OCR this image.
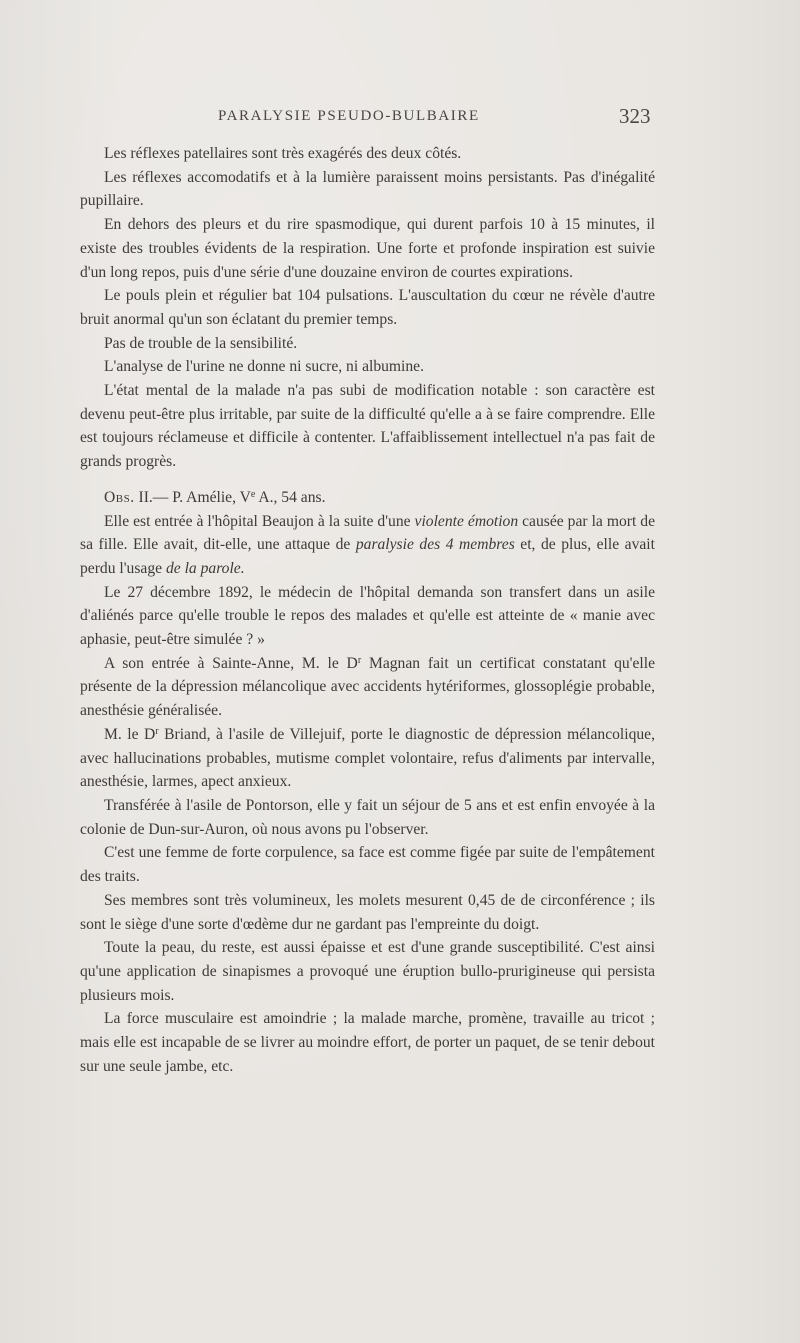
PARALYSIE PSEUDO-BULBAIRE	323

Les réflexes patellaires sont très exagérés des deux côtés.

Les réflexes accomodatifs et à la lumière paraissent moins persistants. Pas d'inégalité pupillaire.

En dehors des pleurs et du rire spasmodique, qui durent parfois 10 à 15 minutes, il existe des troubles évidents de la respiration. Une forte et profonde inspiration est suivie d'un long repos, puis d'une série d'une douzaine environ de courtes expirations.

Le pouls plein et régulier bat 104 pulsations. L'auscultation du cœur ne révèle d'autre bruit anormal qu'un son éclatant du premier temps.

Pas de trouble de la sensibilité.

L'analyse de l'urine ne donne ni sucre, ni albumine.

L'état mental de la malade n'a pas subi de modification notable : son caractère est devenu peut-être plus irritable, par suite de la difficulté qu'elle a à se faire comprendre. Elle est toujours réclameuse et difficile à contenter. L'affaiblissement intellectuel n'a pas fait de grands progrès.

Obs. II.— P. Amélie, Ve A., 54 ans.

Elle est entrée à l'hôpital Beaujon à la suite d'une violente émotion causée par la mort de sa fille. Elle avait, dit-elle, une attaque de paralysie des 4 membres et, de plus, elle avait perdu l'usage de la parole.

Le 27 décembre 1892, le médecin de l'hôpital demanda son transfert dans un asile d'aliénés parce qu'elle trouble le repos des malades et qu'elle est atteinte de « manie avec aphasie, peut-être simulée ? »

A son entrée à Sainte-Anne, M. le $D^r$ Magnan fait un certificat constatant qu'elle présente de la dépression mélancolique avec accidents hytériformes, glossoplégie probable, anesthésie généralisée.

M. le $D^r$ Briand, à l'asile de Villejuif, porte le diagnostic de dépression mélancolique, avec hallucinations probables, mutisme complet volontaire, refus d'aliments par intervalle, anesthésie, larmes, apect anxieux.

Transférée à l'asile de Pontorson, elle y fait un séjour de 5 ans et est enfin envoyée à la colonie de Dun-sur-Auron, où nous avons pu l'observer.

C'est une femme de forte corpulence, sa face est comme figée par suite de l'empâtement des traits.

Ses membres sont très volumineux, les molets mesurent 0,45 de de circonférence ; ils sont le siège d'une sorte d'œdème dur ne gardant pas l'empreinte du doigt.

Toute la peau, du reste, est aussi épaisse et est d'une grande susceptibilité. C'est ainsi qu'une application de sinapismes a provoqué une éruption bullo-prurigineuse qui persista plusieurs mois.

La force musculaire est amoindrie ; la malade marche, promène, travaille au tricot ; mais elle est incapable de se livrer au moindre effort, de porter un paquet, de se tenir debout sur une seule jambe, etc.
